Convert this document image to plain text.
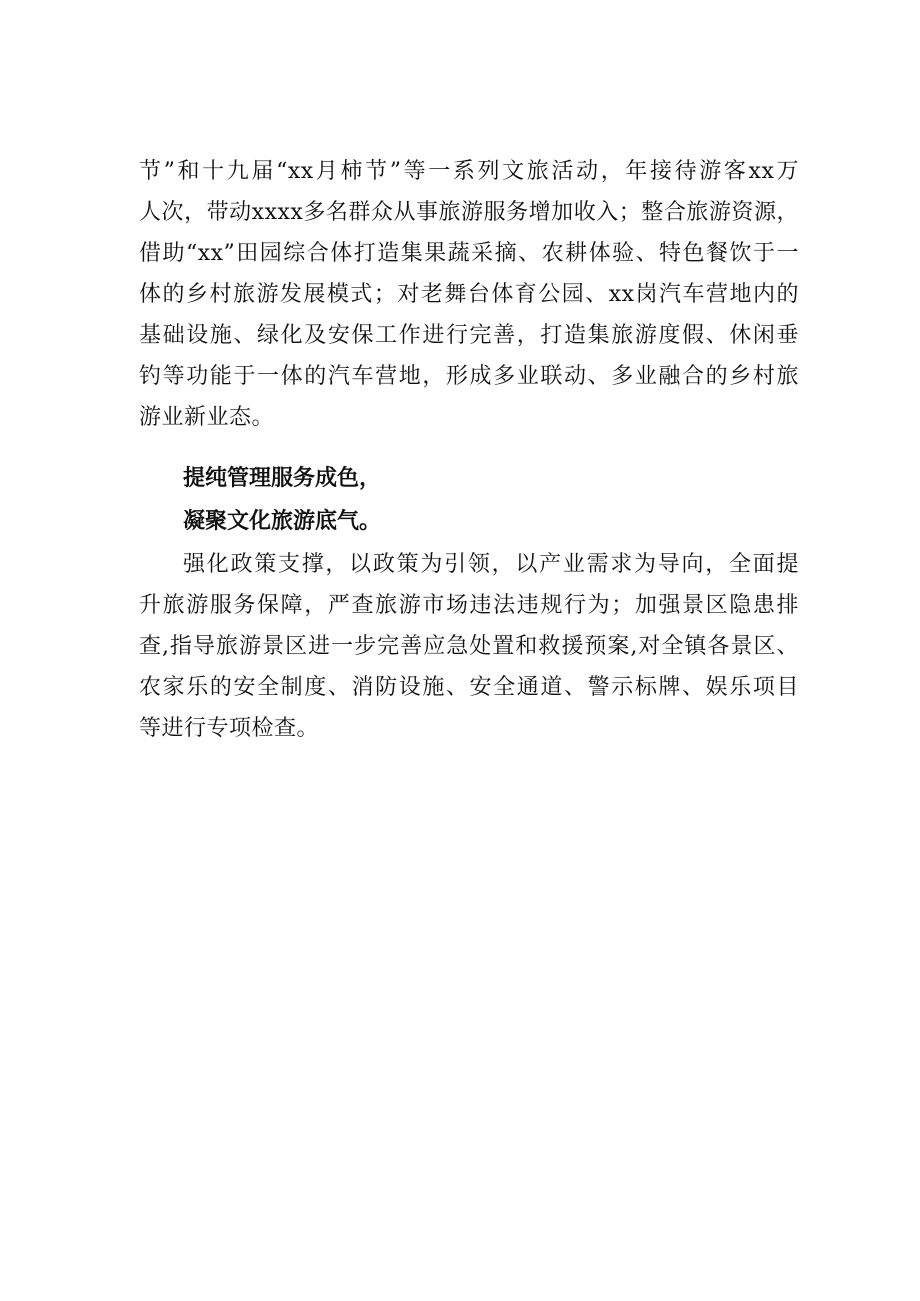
节”和十九届“xx月柿节”等一系列文旅活动，年接待游客xx万
人次，带动xxxx多名群众从事旅游服务增加收入；整合旅游资源，
借助“xx”田园综合体打造集果蔬采摘、农耕体验、特色餐饮于一
体的乡村旅游发展模式；对老舞台体育公园、xx岗汽车营地内的
基础设施、绿化及安保工作进行完善，打造集旅游度假、休闲垂
钓等功能于一体的汽车营地，形成多业联动、多业融合的乡村旅
游业新业态。
提纯管理服务成色，
凝聚文化旅游底气。
强化政策支撑，以政策为引领，以产业需求为导向，全面提
升旅游服务保障，严查旅游市场违法违规行为；加强景区隐患排
查,指导旅游景区进一步完善应急处置和救援预案,对全镇各景区、
农家乐的安全制度、消防设施、安全通道、警示标牌、娱乐项目
等进行专项检查。
